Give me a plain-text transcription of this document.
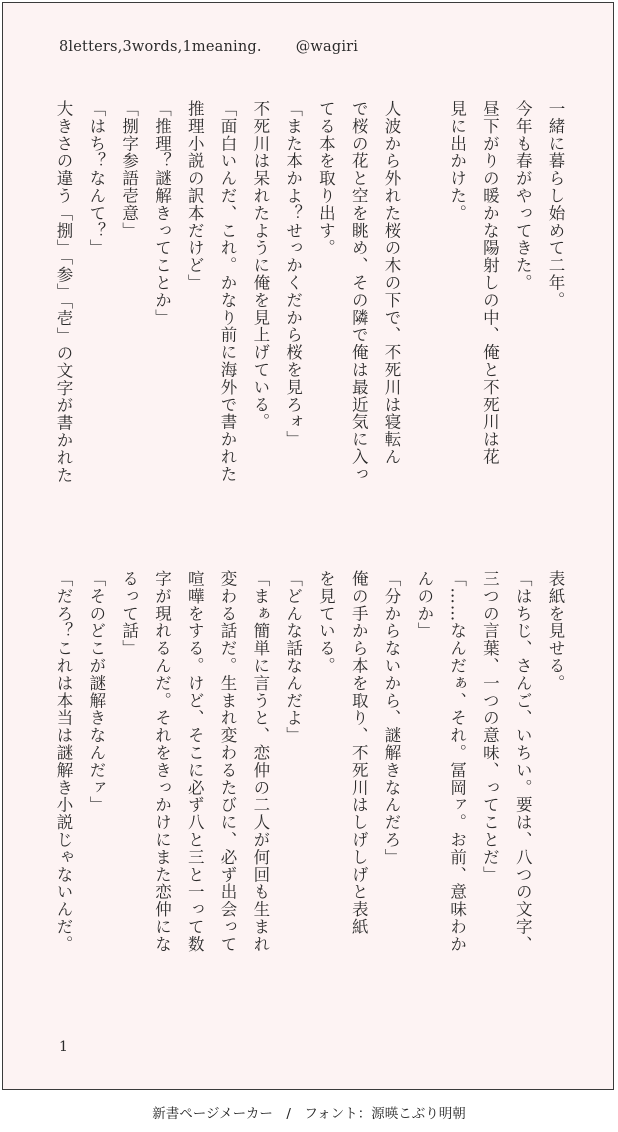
8letters,3words,1meaning. @wagiri
一緒に暮らし始めて二年。
今年も春がやってきた。
昼下がりの暖かな陽射しの中、俺と不死川は花
見に出かけた。

人波から外れた桜の木の下で、不死川は寝転ん
で桜の花と空を眺め、その隣で俺は最近気に入っ
てる本を取り出す。
「また本かよ？せっかくだから桜を見ろォ」
不死川は呆れたように俺を見上げている。
「面白いんだ、これ。かなり前に海外で書かれた
推理小説の訳本だけど」
「推理？謎解きってことか」
「捌字参語壱意」
「はち？なんて？」
大きさの違う「捌」「参」「壱」の文字が書かれた
表紙を見せる。
「はちじ、さんご、いちい。要は、八つの文字、
三つの言葉、一つの意味、ってことだ」
「……なんだぁ、それ。冨岡ァ。お前、意味わか
んのか」
「分からないから、謎解きなんだろ」
俺の手から本を取り、不死川はしげしげと表紙
を見ている。
「どんな話なんだよ」
「まぁ簡単に言うと、恋仲の二人が何回も生まれ
変わる話だ。生まれ変わるたびに、必ず出会って
喧嘩をする。けど、そこに必ず八と三と一って数
字が現れるんだ。それをきっかけにまた恋仲にな
るって話」
「そのどこが謎解きなんだァ」
「だろ？これは本当は謎解き小説じゃないんだ。
1
新書ページメーカー　/　フォント：源暎こぶり明朝
